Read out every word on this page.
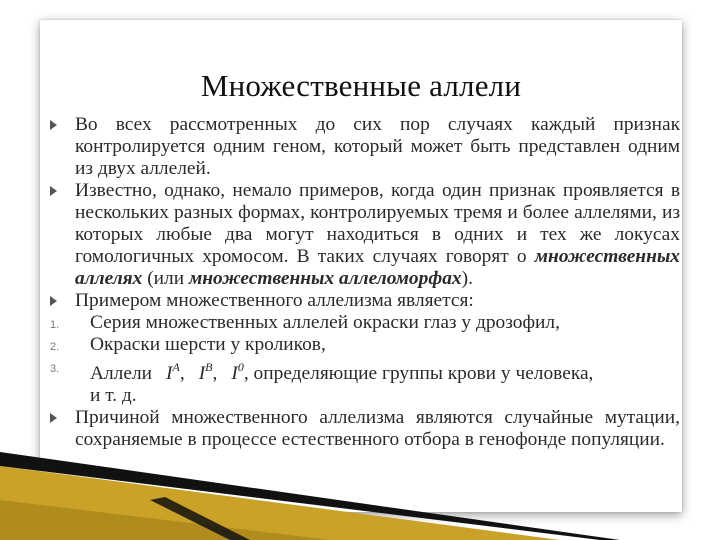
Множественные аллели
Во всех рассмотренных до сих пор случаях каждый признак контролируется одним геном, который может быть представлен одним из двух аллелей.
Известно, однако, немало примеров, когда один признак проявляется в нескольких разных формах, контролируемых тремя и более аллелями, из которых любые два могут находиться в одних и тех же локусах гомологичных хромосом. В таких случаях говорят о множественных аллелях (или множественных аллеломорфах).
Примером множественного аллелизма является:
1. Серия множественных аллелей окраски глаз у дрозофил,
2. Окраски шерсти у кроликов,
3. Аллели $I^A$, $I^B$, $I^0$, определяющие группы крови у человека,
и т. д.
Причиной множественного аллелизма являются случайные мутации, сохраняемые в процессе естественного отбора в генофонде популяции.
